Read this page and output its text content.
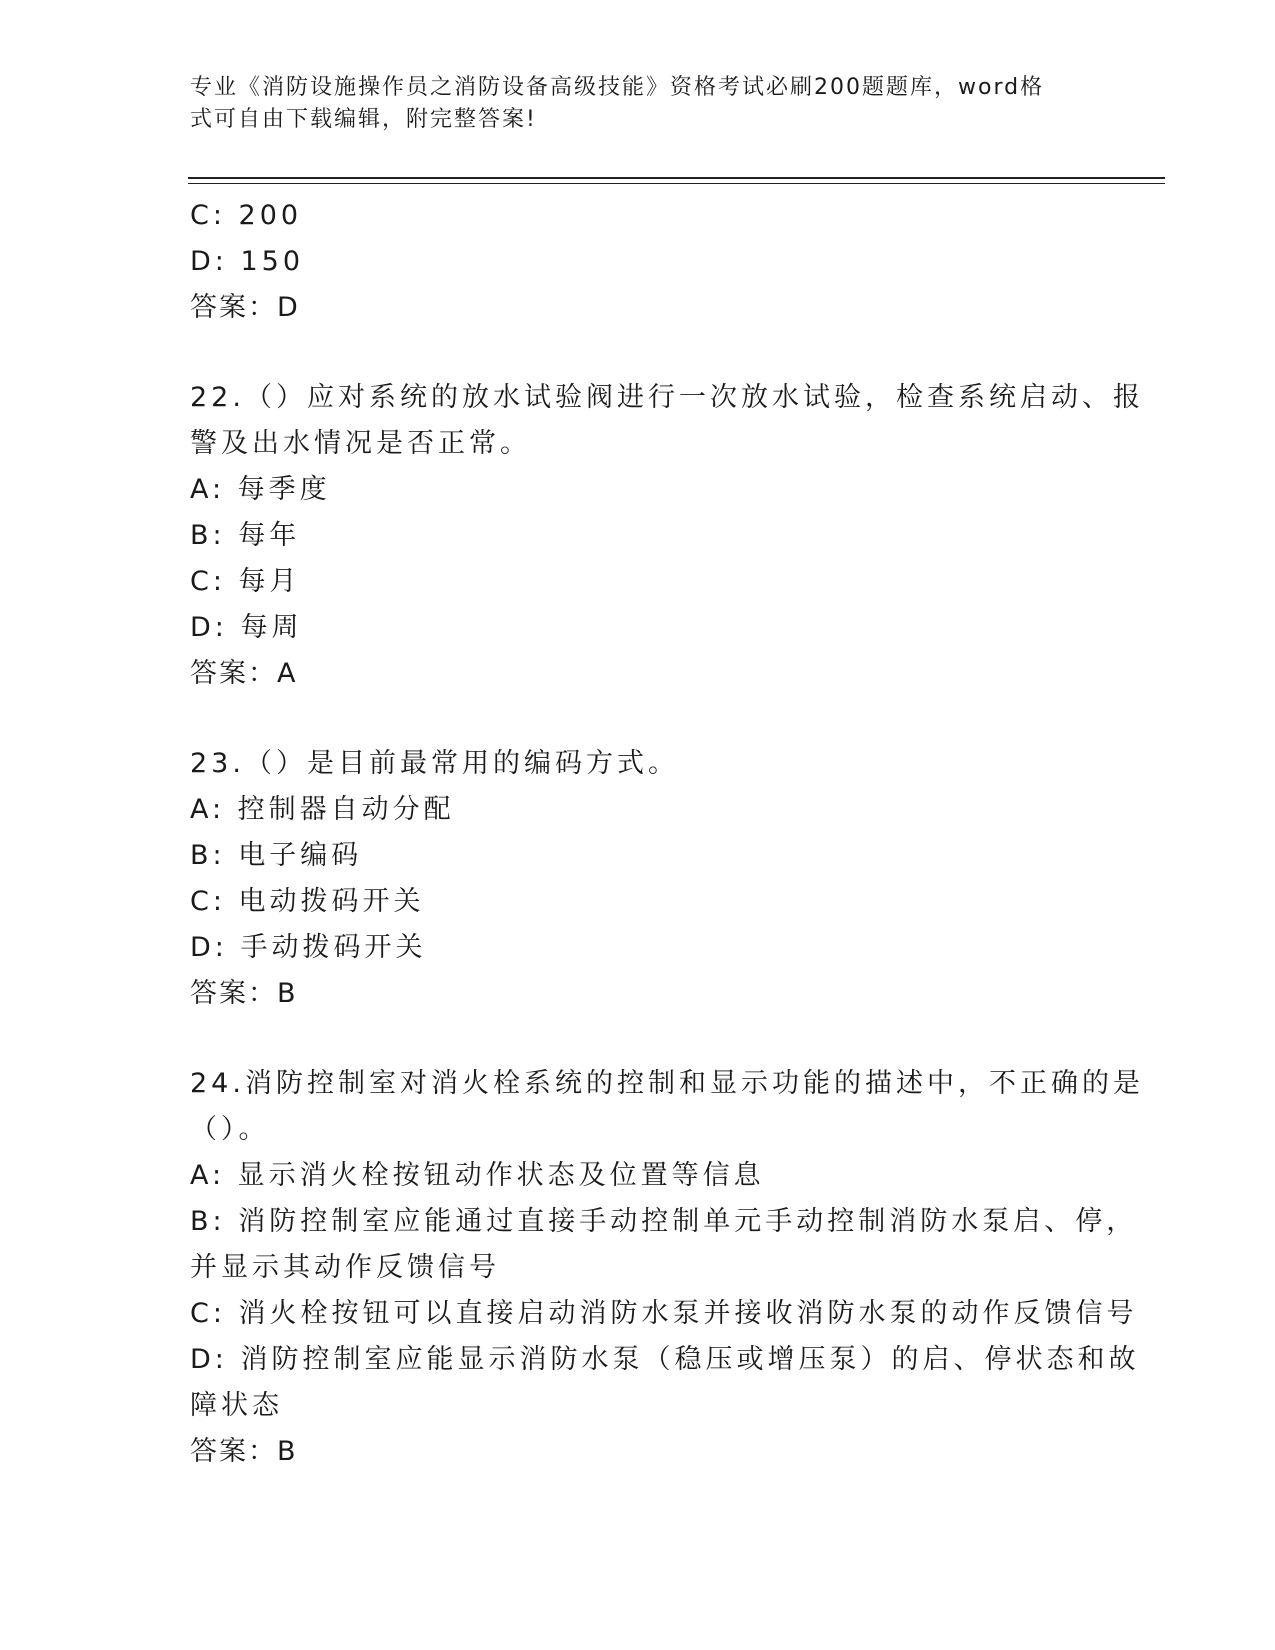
专业《消防设施操作员之消防设备高级技能》资格考试必刷200题题库，word格
式可自由下载编辑，附完整答案!
C: 200
D: 150
答案：D
22.（）应对系统的放水试验阀进行一次放水试验，检查系统启动、报
警及出水情况是否正常。
A: 每季度
B: 每年
C: 每月
D: 每周
答案：A
23.（）是目前最常用的编码方式。
A: 控制器自动分配
B: 电子编码
C: 电动拨码开关
D: 手动拨码开关
答案：B
24.消防控制室对消火栓系统的控制和显示功能的描述中，不正确的是
（）。
A: 显示消火栓按钮动作状态及位置等信息
B: 消防控制室应能通过直接手动控制单元手动控制消防水泵启、停，
并显示其动作反馈信号
C: 消火栓按钮可以直接启动消防水泵并接收消防水泵的动作反馈信号
D: 消防控制室应能显示消防水泵（稳压或增压泵）的启、停状态和故
障状态
答案：B
